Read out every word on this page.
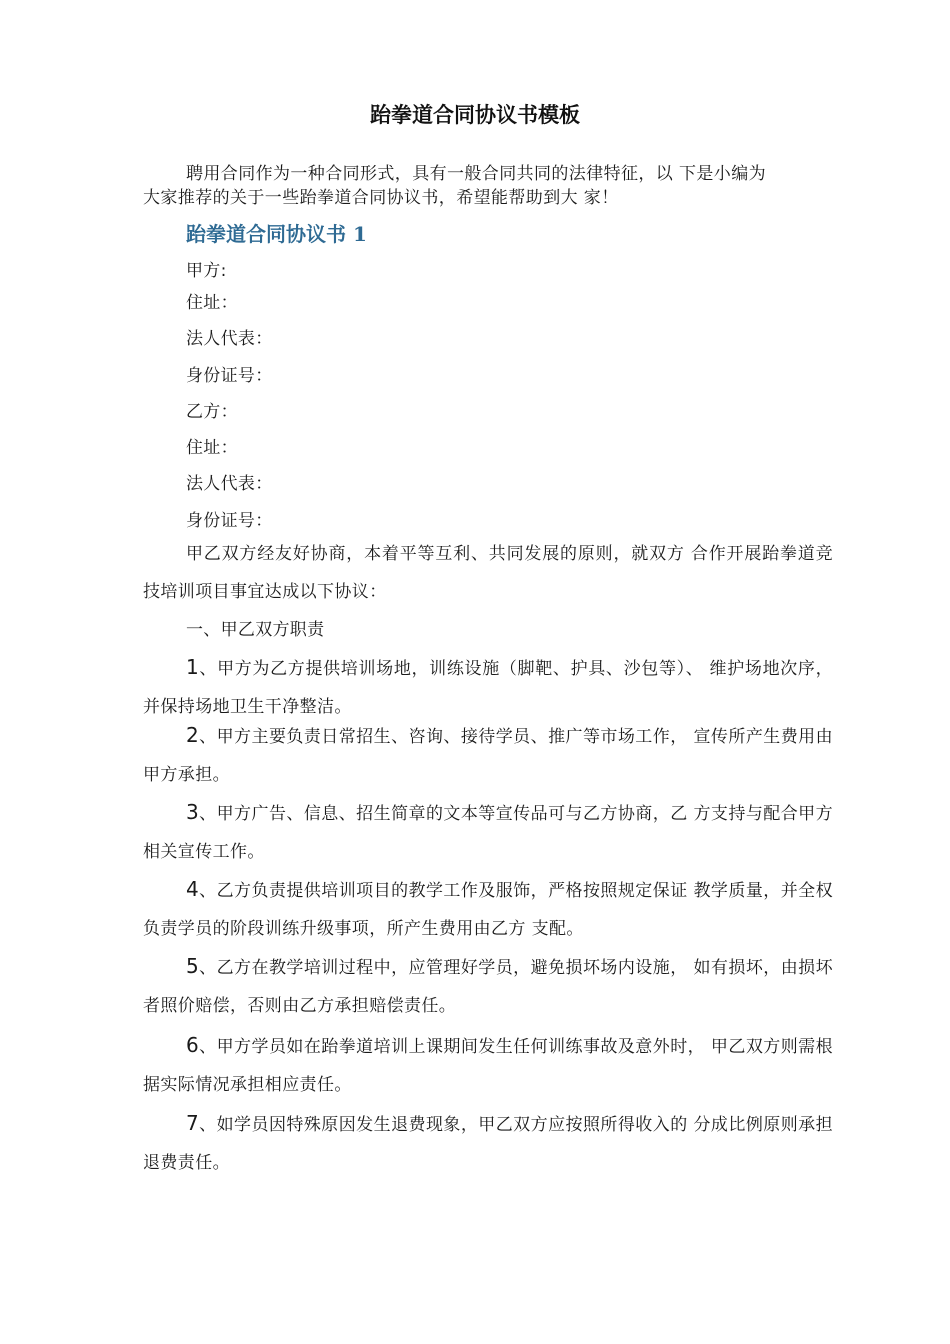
跆拳道合同协议书模板
聘用合同作为一种合同形式，具有一般合同共同的法律特征，以 下是小编为
大家推荐的关于一些跆拳道合同协议书，希望能帮助到大 家！
跆拳道合同协议书 1
甲方:
住址：
法人代表：
身份证号：
乙方：
住址：
法人代表：
身份证号：
甲乙双方经友好协商，本着平等互利、共同发展的原则，就双方 合作开展跆拳道竞技培训项目事宜达成以下协议：
一、甲乙双方职责
1、甲方为乙方提供培训场地，训练设施（脚靶、护具、沙包等）、 维护场地次序，并保持场地卫生干净整洁。
2、甲方主要负责日常招生、咨询、接待学员、推广等市场工作， 宣传所产生费用由甲方承担。
3、甲方广告、信息、招生简章的文本等宣传品可与乙方协商，乙 方支持与配合甲方相关宣传工作。
4、乙方负责提供培训项目的教学工作及服饰，严格按照规定保证 教学质量，并全权负责学员的阶段训练升级事项，所产生费用由乙方 支配。
5、乙方在教学培训过程中，应管理好学员，避免损坏场内设施， 如有损坏，由损坏者照价赔偿，否则由乙方承担赔偿责任。
6、甲方学员如在跆拳道培训上课期间发生任何训练事故及意外时， 甲乙双方则需根据实际情况承担相应责任。
7、如学员因特殊原因发生退费现象，甲乙双方应按照所得收入的 分成比例原则承担退费责任。
